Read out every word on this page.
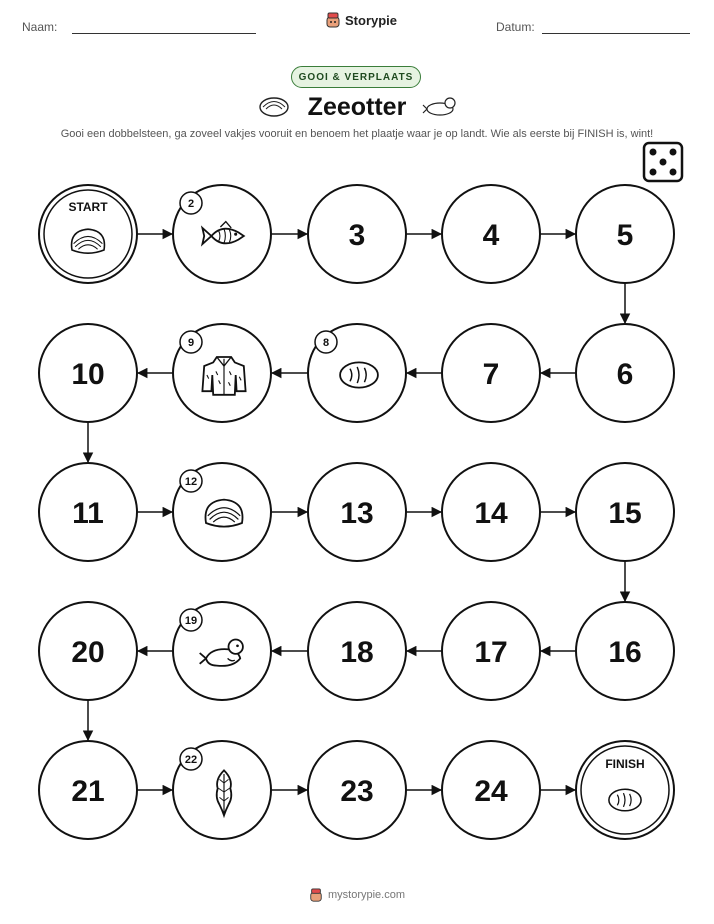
Naam:	Datum:
Storypie
GOOI & VERPLAATS
Zeeotter
Gooi een dobbelsteen, ga zoveel vakjes vooruit en benoem het plaatje waar je op landt. Wie als eerste bij FINISH is, wint!
START
FINISH
2
3	4	5
6
7
8
9
10
11
12
13	14	15
16
17
18
19
20
21
22
23	24
mystorypie.com
